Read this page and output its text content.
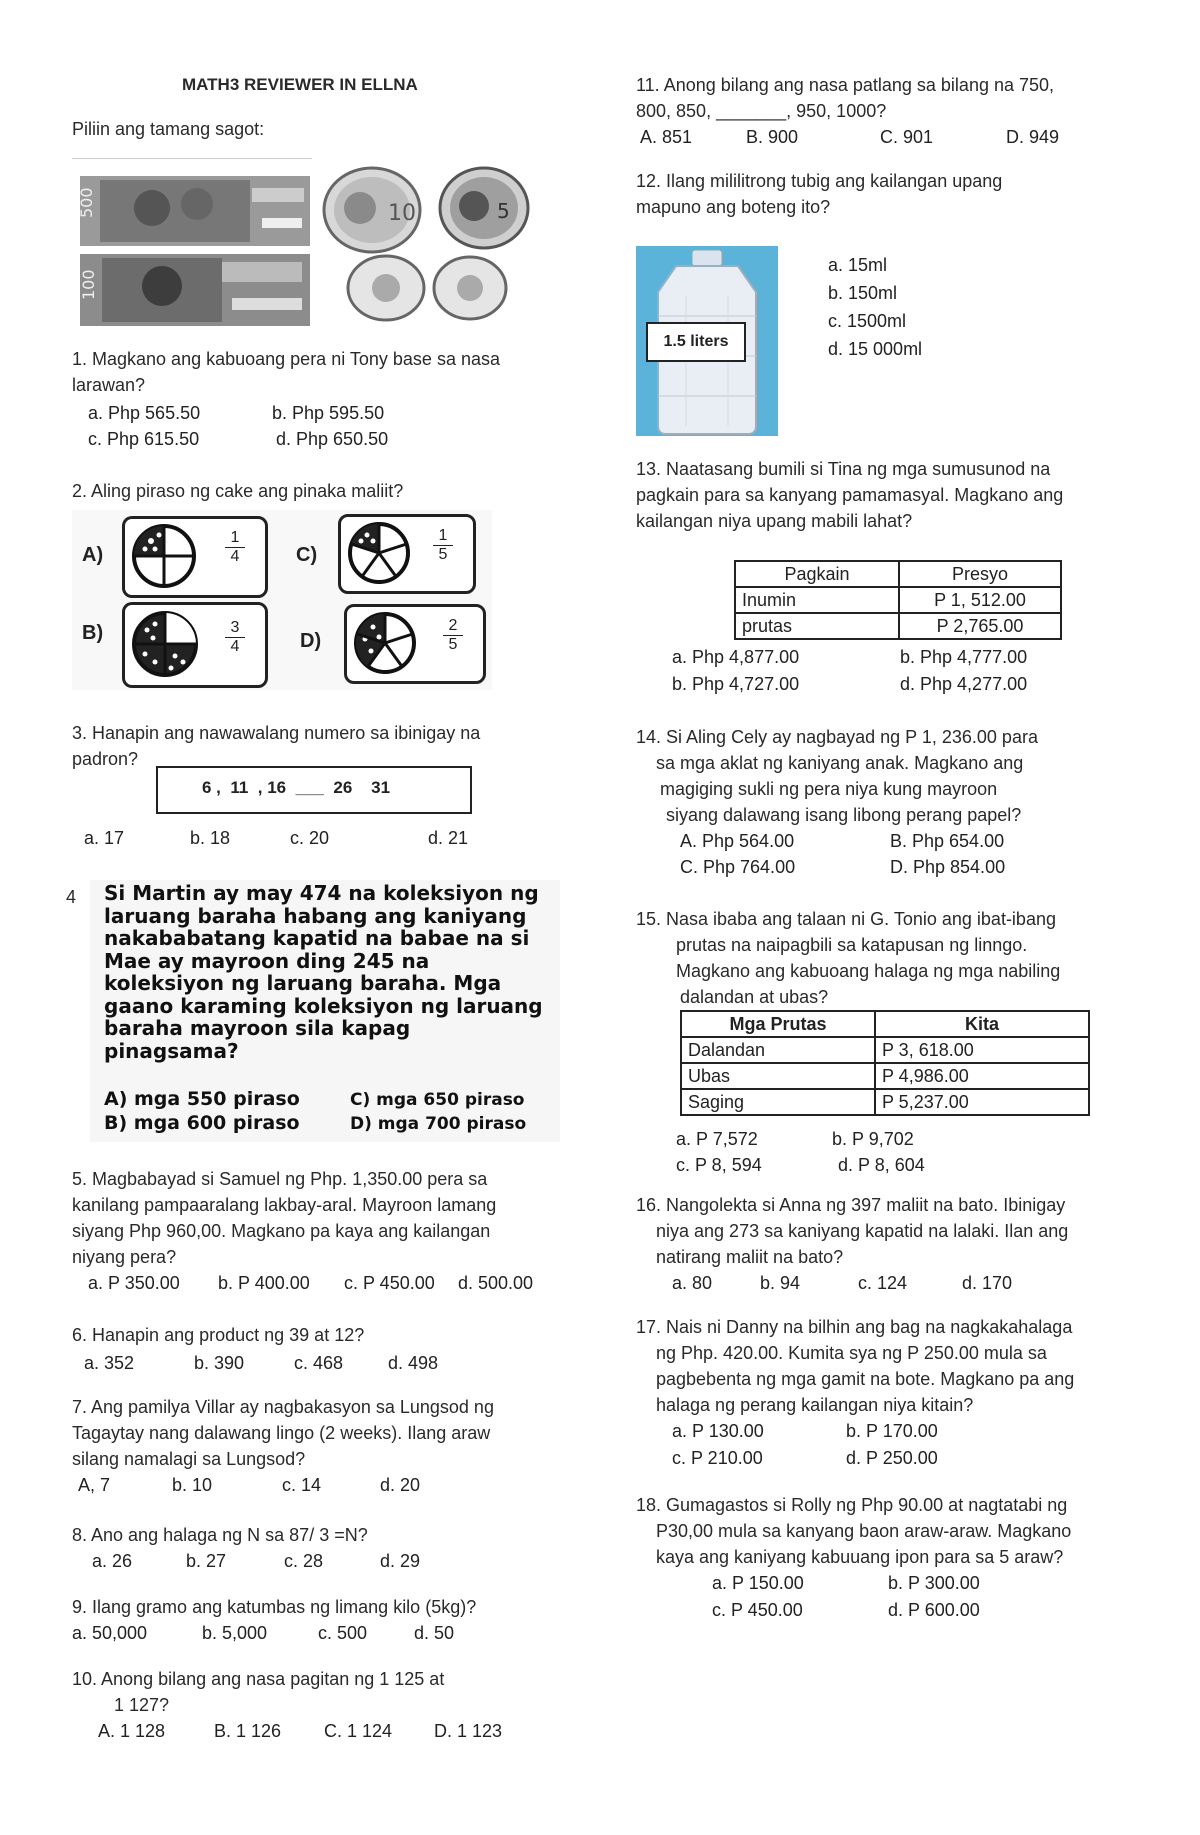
MATH3 REVIEWER IN ELLNA
Piliin ang tamang sagot:
500
100
10	5
1. Magkano ang kabuoang pera ni Tony base sa nasa
larawan?
a. Php 565.50	b. Php 595.50
c. Php 615.50	d. Php 650.50
2. Aling piraso ng cake ang pinaka maliit?
A)	$\frac{1}{4}$	C)	$\frac{1}{5}$
B)	$\frac{3}{4}$	D)	$\frac{2}{5}$
3. Hanapin ang nawawalang numero sa ibinigay na
padron?
6 ,  11  , 16  ___  26    31
a. 17	b. 18	c. 20	d. 21
4 Si Martin ay may 474 na koleksiyon ng
laruang baraha habang ang kaniyang
nakababatang kapatid na babae na si
Mae ay mayroon ding 245 na
koleksiyon ng laruang baraha. Mga
gaano karaming koleksiyon ng laruang
baraha mayroon sila kapag
pinagsama?
A) mga 550 piraso	C) mga 650 piraso
B) mga 600 piraso	D) mga 700 piraso
5. Magbabayad si Samuel ng Php. 1,350.00 pera sa
kanilang pampaaralang lakbay-aral. Mayroon lamang
siyang Php 960,00. Magkano pa kaya ang kailangan
niyang pera?
a. P 350.00 b. P 400.00 c. P 450.00 d. 500.00
6. Hanapin ang product ng 39 at 12?
a. 352	b. 390	c. 468 d. 498
7. Ang pamilya Villar ay nagbakasyon sa Lungsod ng
Tagaytay nang dalawang lingo (2 weeks). Ilang araw
silang namalagi sa Lungsod?
A, 7	b. 10	c. 14	d. 20
8. Ano ang halaga ng N sa 87/ 3 =N?
a. 26	b. 27	c. 28	d. 29
9. Ilang gramo ang katumbas ng limang kilo (5kg)?
a. 50,000	b. 5,000	c. 500	d. 50
10. Anong bilang ang nasa pagitan ng 1 125 at
1 127?
A. 1 128	B. 1 126 C. 1 124 D. 1 123
11. Anong bilang ang nasa patlang sa bilang na 750,
800, 850, _______, 950, 1000?
A. 851	B. 900	C. 901	D. 949
12. Ilang mililitrong tubig ang kailangan upang
mapuno ang boteng ito?
1.5 liters
a. 15ml
b. 150ml
c. 1500ml
d. 15 000ml
13. Naatasang bumili si Tina ng mga sumusunod na
pagkain para sa kanyang pamamasyal. Magkano ang
kailangan niya upang mabili lahat?
Pagkain	Presyo
Inumin	P 1, 512.00
prutas	P 2,765.00
a. Php 4,877.00	b. Php 4,777.00
b. Php 4,727.00	d. Php 4,277.00
14. Si Aling Cely ay nagbayad ng P 1, 236.00 para
sa mga aklat ng kaniyang anak. Magkano ang
magiging sukli ng pera niya kung mayroon
siyang dalawang isang libong perang papel?
A. Php 564.00	B. Php 654.00
C. Php 764.00	D. Php 854.00
15. Nasa ibaba ang talaan ni G. Tonio ang ibat-ibang
prutas na naipagbili sa katapusan ng linngo.
Magkano ang kabuoang halaga ng mga nabiling
dalandan at ubas?
Mga Prutas	Kita
Dalandan	P 3, 618.00
Ubas	P 4,986.00
Saging	P 5,237.00
a. P 7,572	b. P 9,702
c. P 8, 594	d. P 8, 604
16. Nangolekta si Anna ng 397 maliit na bato. Ibinigay
niya ang 273 sa kaniyang kapatid na lalaki. Ilan ang
natirang maliit na bato?
a. 80	b. 94	c. 124	d. 170
17. Nais ni Danny na bilhin ang bag na nagkakahalaga
ng Php. 420.00. Kumita sya ng P 250.00 mula sa
pagbebenta ng mga gamit na bote. Magkano pa ang
halaga ng perang kailangan niya kitain?
a. P 130.00	b. P 170.00
c. P 210.00	d. P 250.00
18. Gumagastos si Rolly ng Php 90.00 at nagtatabi ng
P30,00 mula sa kanyang baon araw-araw. Magkano
kaya ang kaniyang kabuuang ipon para sa 5 araw?
a. P 150.00	b. P 300.00
c. P 450.00	d. P 600.00
